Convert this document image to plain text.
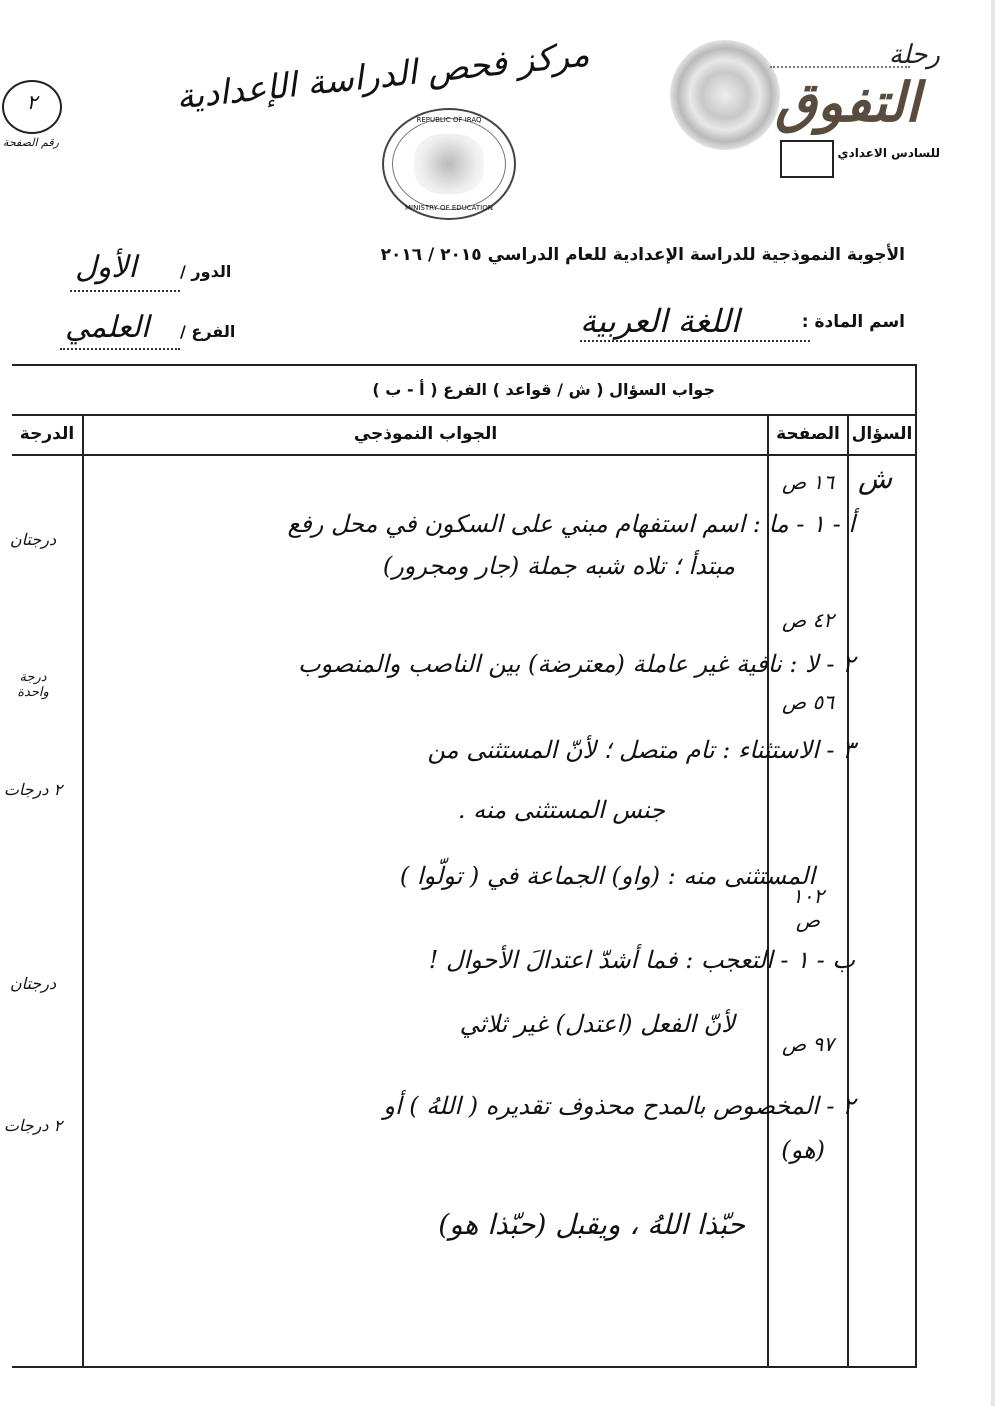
٢
رقم الصفحة
مركز فحص الدراسة الإعدادية
REPUBLIC OF IRAQ
MINISTRY OF EDUCATION
رحلة
التفوق
للسادس الاعدادي
الأجوبة النموذجية للدراسة الإعدادية للعام الدراسي ٢٠١٥ / ٢٠١٦
الدور /
الأول
اسم المادة :
اللغة العربية
الفرع /
العلمي
جواب السؤال ( ش / قواعد ) الفرع ( أ - ب )
السؤال
الصفحة
الجواب النموذجي
الدرجة
ش
أ - ١ - ما : اسم استفهام مبني على السكون في محل رفع
مبتدأ ؛ تلاه شبه جملة (جار ومجرور)
١٦ ص
درجتان
٢ - لا : نافية غير عاملة (معترضة) بين الناصب والمنصوب
٤٢ ص
درجة واحدة
٣ - الاستثناء : تام متصل ؛ لأنّ المستثنى من
جنس المستثنى منه .
المستثنى منه : (واو) الجماعة في ( تولّوا )
٥٦ ص
٢ درجات
ب - ١ - التعجب : فما أشدّ اعتدالَ الأحوال !
لأنّ الفعل (اعتدل) غير ثلاثي
١٠٢ ص
درجتان
٢ - المخصوص بالمدح محذوف تقديره ( اللهُ ) أو
(هو)
حبّذا اللهُ ، ويقبل (حبّذا هو)
٩٧ ص
٢ درجات
